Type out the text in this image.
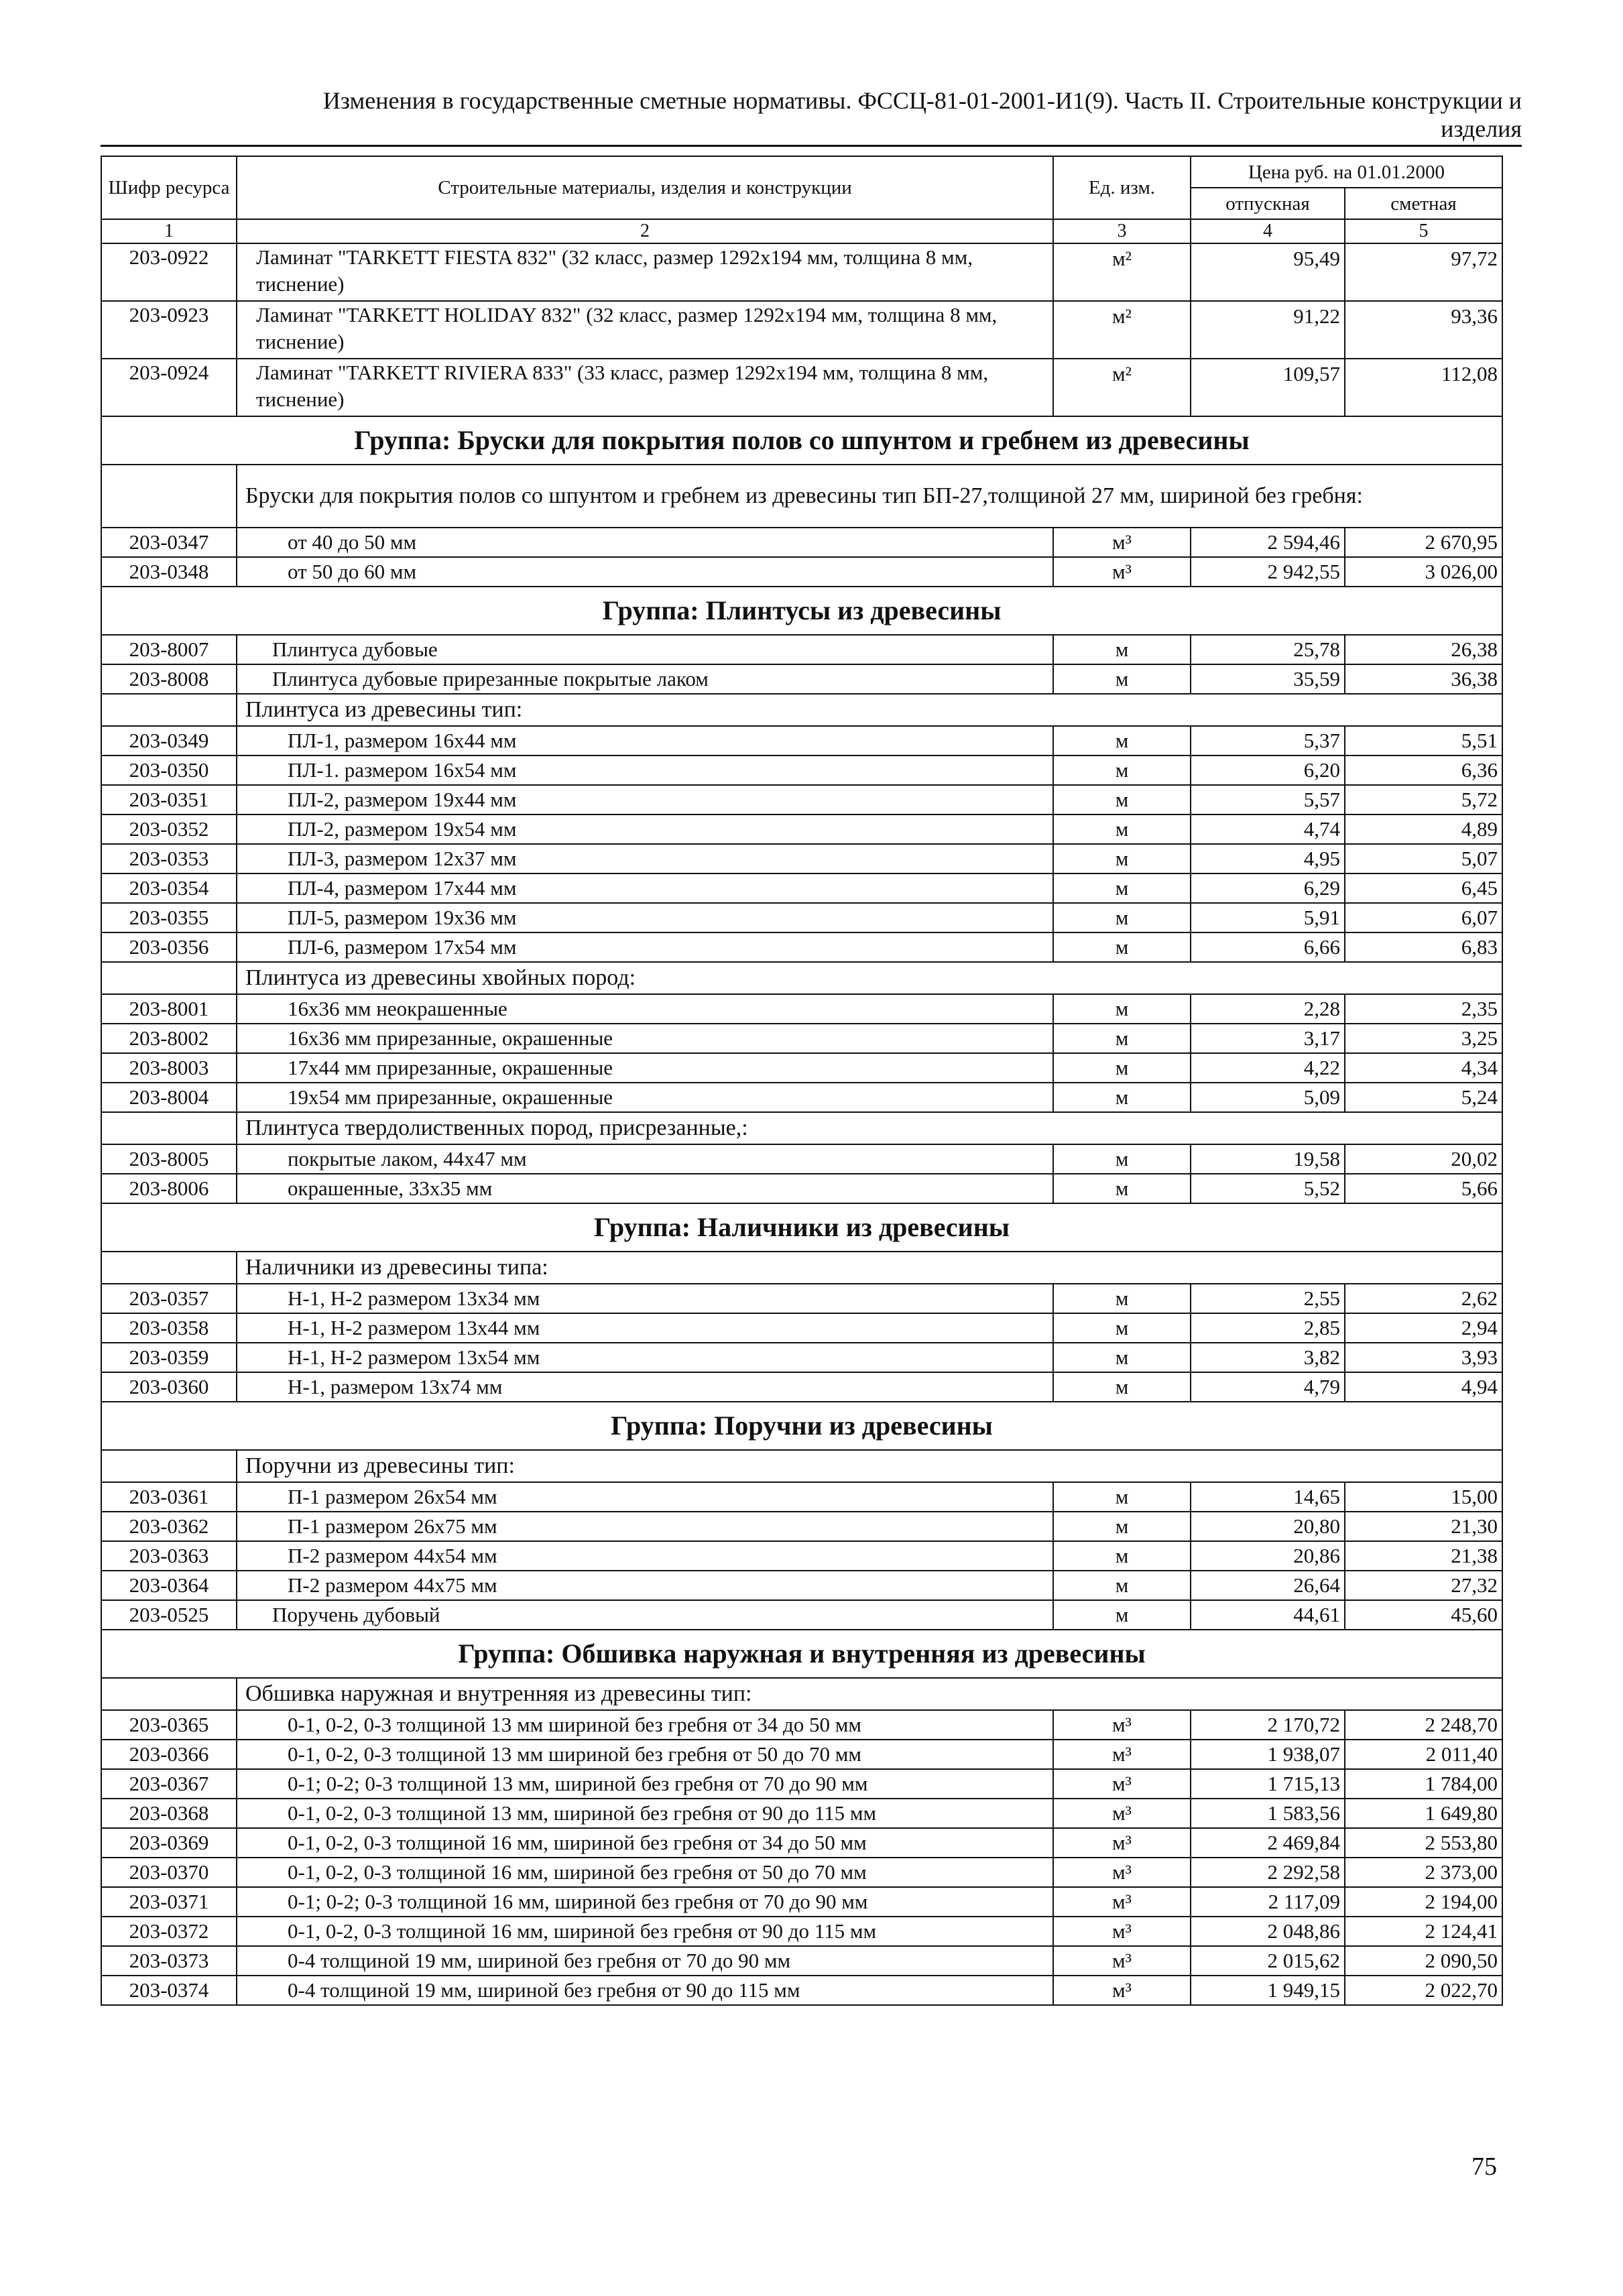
Изменения в государственные сметные нормативы. ФССЦ-81-01-2001-И1(9). Часть II. Строительные конструкции и
изделия
Шифр ресурса	Строительные материалы, изделия и конструкции	Ед. изм.	Цена руб. на 01.01.2000	
			отпускная	сметная
1	2	3	4	5
203-0922	Ламинат "TARKETT FIESTA 832" (32 класс, размер 1292х194 мм, толщина 8 мм, тиснение)	м²	95,49	97,72
203-0923	Ламинат "TARKETT HOLIDAY 832" (32 класс, размер 1292х194 мм, толщина 8 мм, тиснение)	м²	91,22	93,36
203-0924	Ламинат "TARKETT RIVIERA 833" (33 класс, размер 1292х194 мм, толщина 8 мм, тиснение)	м²	109,57	112,08
Группа: Бруски для покрытия полов со шпунтом и гребнем из древесины				
	Бруски для покрытия полов со шпунтом и гребнем из древесины тип БП-27,толщиной 27 мм, шириной без гребня:			
203-0347	от 40 до 50 мм	м³	2 594,46	2 670,95
203-0348	от 50 до 60 мм	м³	2 942,55	3 026,00
Группа: Плинтусы из древесины				
203-8007	Плинтуса дубовые	м	25,78	26,38
203-8008	Плинтуса дубовые прирезанные покрытые лаком	м	35,59	36,38
	Плинтуса из древесины тип:			
203-0349	ПЛ-1, размером 16х44 мм	м	5,37	5,51
203-0350	ПЛ-1. размером 16х54 мм	м	6,20	6,36
203-0351	ПЛ-2, размером 19х44 мм	м	5,57	5,72
203-0352	ПЛ-2, размером 19х54 мм	м	4,74	4,89
203-0353	ПЛ-3, размером 12х37 мм	м	4,95	5,07
203-0354	ПЛ-4, размером 17х44 мм	м	6,29	6,45
203-0355	ПЛ-5, размером 19х36 мм	м	5,91	6,07
203-0356	ПЛ-6, размером 17х54 мм	м	6,66	6,83
	Плинтуса из древесины хвойных пород:			
203-8001	16х36 мм неокрашенные	м	2,28	2,35
203-8002	16х36 мм прирезанные, окрашенные	м	3,17	3,25
203-8003	17х44 мм прирезанные, окрашенные	м	4,22	4,34
203-8004	19х54 мм прирезанные, окрашенные	м	5,09	5,24
	Плинтуса твердолиственных пород, присрезанные,:			
203-8005	покрытые лаком, 44х47 мм	м	19,58	20,02
203-8006	окрашенные, 33х35 мм	м	5,52	5,66
Группа: Наличники из древесины				
	Наличники из древесины типа:			
203-0357	Н-1, Н-2 размером 13х34 мм	м	2,55	2,62
203-0358	Н-1, Н-2 размером 13х44 мм	м	2,85	2,94
203-0359	Н-1, Н-2 размером 13х54 мм	м	3,82	3,93
203-0360	Н-1, размером 13х74 мм	м	4,79	4,94
Группа: Поручни из древесины				
	Поручни из древесины тип:			
203-0361	П-1 размером 26х54 мм	м	14,65	15,00
203-0362	П-1 размером 26х75 мм	м	20,80	21,30
203-0363	П-2 размером 44х54 мм	м	20,86	21,38
203-0364	П-2 размером 44х75 мм	м	26,64	27,32
203-0525	Поручень дубовый	м	44,61	45,60
Группа: Обшивка наружная и внутренняя из древесины				
	Обшивка наружная и внутренняя из древесины тип:			
203-0365	0-1, 0-2, 0-3 толщиной 13 мм шириной без гребня от 34 до 50 мм	м³	2 170,72	2 248,70
203-0366	0-1, 0-2, 0-3 толщиной 13 мм шириной без гребня от 50 до 70 мм	м³	1 938,07	2 011,40
203-0367	0-1; 0-2; 0-3 толщиной 13 мм, шириной без гребня от 70 до 90 мм	м³	1 715,13	1 784,00
203-0368	0-1, 0-2, 0-3 толщиной 13 мм, шириной без гребня от 90 до 115 мм	м³	1 583,56	1 649,80
203-0369	0-1, 0-2, 0-3 толщиной 16 мм, шириной без гребня от 34 до 50 мм	м³	2 469,84	2 553,80
203-0370	0-1, 0-2, 0-3 толщиной 16 мм, шириной без гребня от 50 до 70 мм	м³	2 292,58	2 373,00
203-0371	0-1; 0-2; 0-3 толщиной 16 мм, шириной без гребня от 70 до 90 мм	м³	2 117,09	2 194,00
203-0372	0-1, 0-2, 0-3 толщиной 16 мм, шириной без гребня от 90 до 115 мм	м³	2 048,86	2 124,41
203-0373	0-4 толщиной 19 мм, шириной без гребня от 70 до 90 мм	м³	2 015,62	2 090,50
203-0374	0-4 толщиной 19 мм, шириной без гребня от 90 до 115 мм	м³	1 949,15	2 022,70
75
